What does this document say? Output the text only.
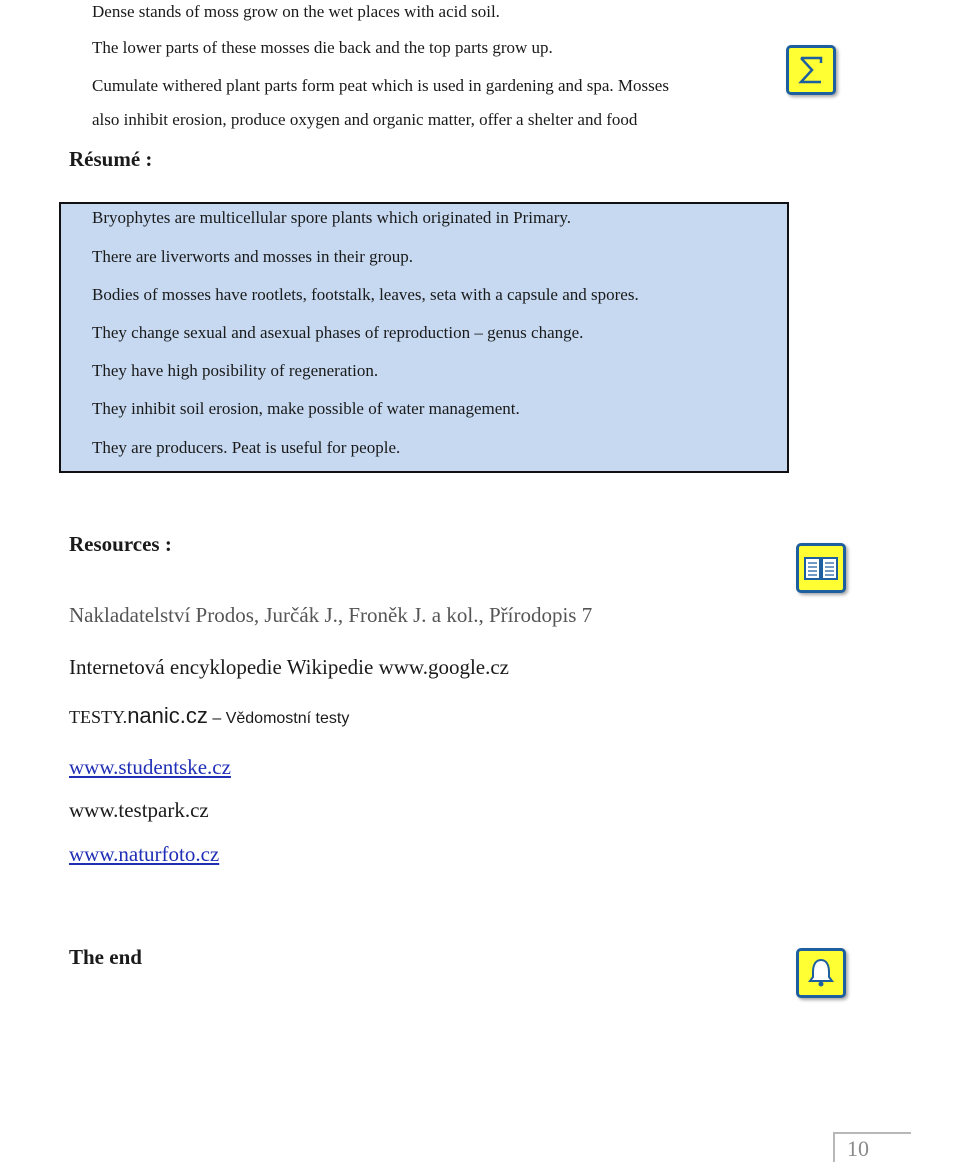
Dense stands of moss grow on the wet places with acid soil.
The lower parts of these mosses die back and the top parts grow up.
Cumulate withered plant parts form peat which is used in gardening and spa. Mosses
also inhibit erosion, produce oxygen and organic matter, offer a shelter and food
Résumé :
Bryophytes are multicellular spore plants which originated in Primary.
There are liverworts and mosses in their group.
Bodies of mosses have rootlets, footstalk, leaves, seta with a capsule and spores.
They change sexual and asexual phases of reproduction – genus change.
They have high posibility of regeneration.
They inhibit soil erosion, make possible of water management.
They are producers. Peat is useful for people.
Resources :
Nakladatelství Prodos, Jurčák J., Froněk J. a kol., Přírodopis 7
Internetová encyklopedie Wikipedie www.google.cz
TESTY.nanic.cz – Vědomostní testy
www.studentske.cz
www.testpark.cz
www.naturfoto.cz
The end
10
